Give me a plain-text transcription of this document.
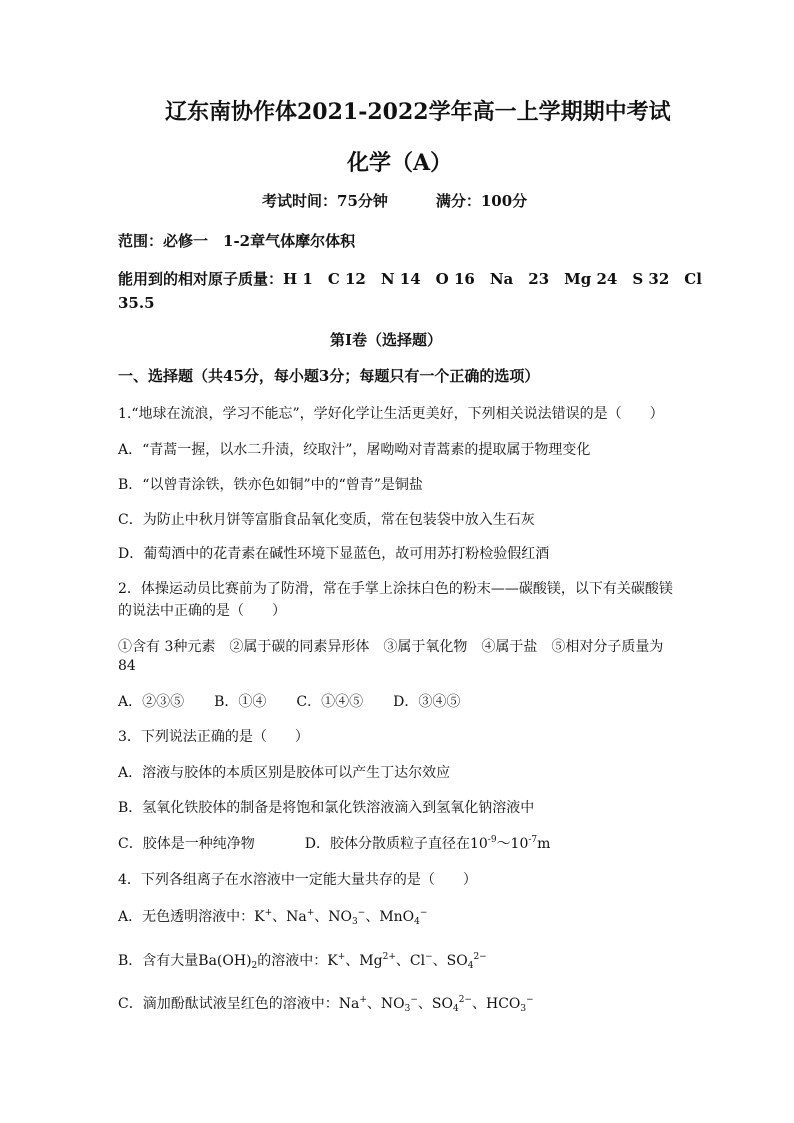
辽东南协作体2021-2022学年高一上学期期中考试
化学（A）
考试时间：75分钟	满分：100分
范围：必修一　1-2章气体摩尔体积
能用到的相对原子质量：H 1　C 12　N 14　O 16　Na　23　Mg 24　S 32　Cl
35.5
第Ⅰ卷（选择题）
一、选择题（共45分，每小题3分；每题只有一个正确的选项）
1.“地球在流浪，学习不能忘”，学好化学让生活更美好，下列相关说法错误的是（　　）
A．“青蒿一握，以水二升渍，绞取汁”，屠呦呦对青蒿素的提取属于物理变化
B．“以曾青涂铁，铁亦色如铜”中的“曾青”是铜盐
C．为防止中秋月饼等富脂食品氧化变质，常在包装袋中放入生石灰
D．葡萄酒中的花青素在碱性环境下显蓝色，故可用苏打粉检验假红酒
2．体操运动员比赛前为了防滑，常在手掌上涂抹白色的粉末——碳酸镁，以下有关碳酸镁
的说法中正确的是（　　）
①含有 3种元素　②属于碳的同素异形体　③属于氧化物　④属于盐　⑤相对分子质量为
84
A．②③⑤ B．①④ C．①④⑤ D．③④⑤
3．下列说法正确的是（　　）
A．溶液与胶体的本质区别是胶体可以产生丁达尔效应
B．氢氧化铁胶体的制备是将饱和氯化铁溶液滴入到氢氧化钠溶液中
C．胶体是一种纯净物	D．胶体分散质粒子直径在$10^{-9}\sim 10^{-7}m$
4．下列各组离子在水溶液中一定能大量共存的是（　　）
A．无色透明溶液中：K+、Na+、$NO_3^-$、MnO$_4$−
B．含有大量$Ba(OH)_2$的溶液中：K+、$Mg^{2+}$、Cl−、$SO_4^{2-}$
C．滴加酚酞试液呈红色的溶液中：Na+、$NO_3^-$、$SO_4^{2-}$、$HCO_3^-$
